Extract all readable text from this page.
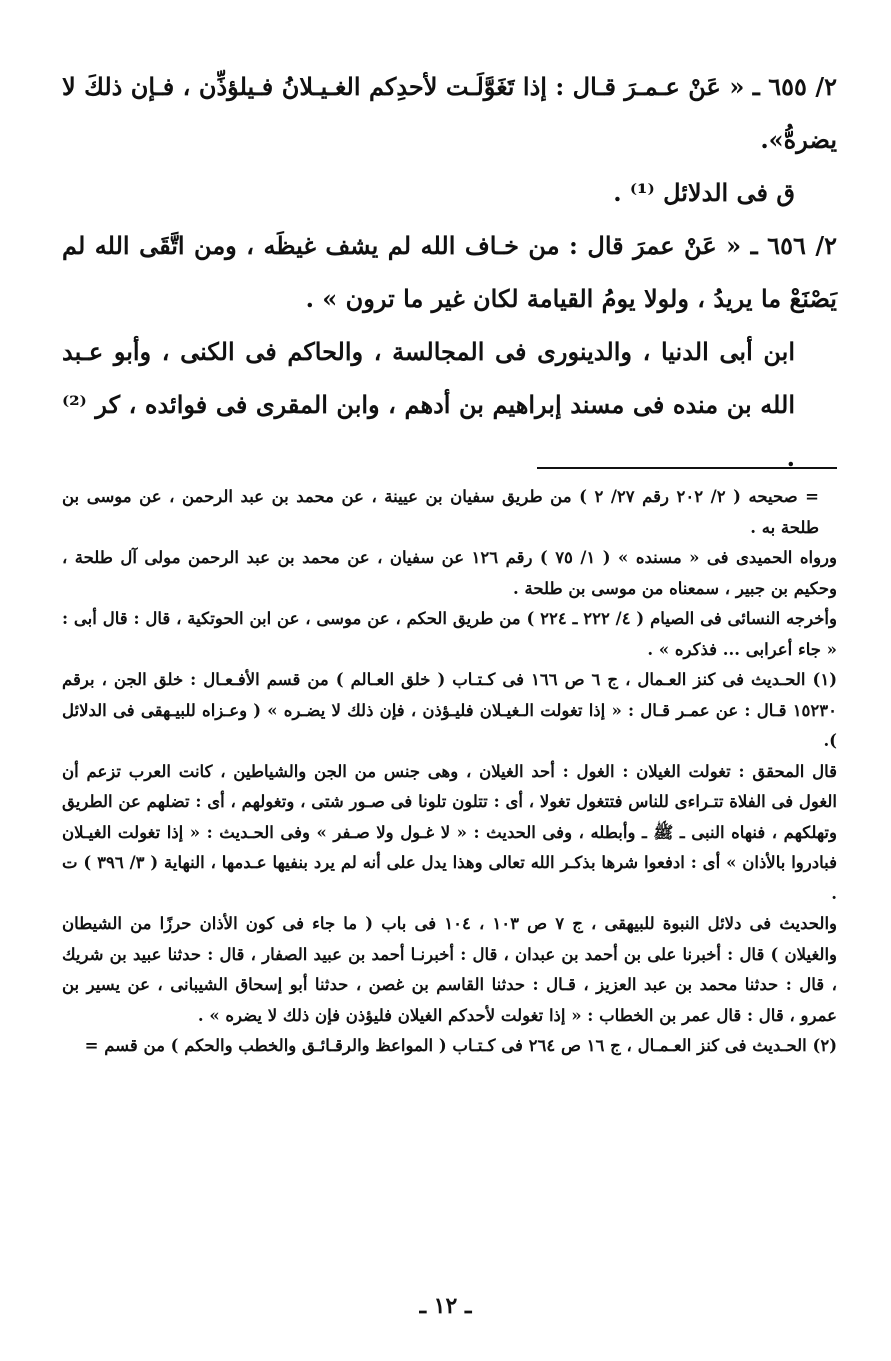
٢/ ٦٥٥ ـ « عَنْ عـمـرَ قـال : إذا تَغَوَّلَـت لأحدِكم الغـيـلانُ فـيلؤذِّن ، فـإن ذلكَ لا يضرهُّ».

ق فى الدلائل ⁽¹⁾ .

٢/ ٦٥٦ ـ « عَنْ عمرَ قال : من خـاف الله لم يشف غيظَه ، ومن اتَّقَى الله لم يَصْنَعْ ما يريدُ ، ولولا يومُ القيامة لكان غير ما ترون » .

ابن أبى الدنيا ، والدينورى فى المجالسة ، والحاكم فى الكنى ، وأبو عـبد الله بن منده فى مسند إبراهيم بن أدهم ، وابن المقرى فى فوائده ، كر ⁽²⁾ .

= صحيحه ( ٢/ ٢٠٢ رقم ٢٧/ ٢ ) من طريق سفيان بن عيينة ، عن محمد بن عبد الرحمن ، عن موسى بن طلحة به .

ورواه الحميدى فى « مسنده » ( ١/ ٧٥ ) رقم ١٢٦ عن سفيان ، عن محمد بن عبد الرحمن مولى آل طلحة ، وحكيم بن جبير ، سمعناه من موسى بن طلحة .

وأخرجه النسائى فى الصيام ( ٤/ ٢٢٢ ـ ٢٢٤ ) من طريق الحكم ، عن موسى ، عن ابن الحوتكية ، قال : قال أبى : « جاء أعرابى ... فذكره » .

(١) الحـديث فى كنز العـمال ، ج ٦ ص ١٦٦ فى كـتـاب ( خلق العـالم ) من قسم الأفـعـال : خلق الجن ، برقم ١٥٢٣٠ قـال : عن عمـر قـال : « إذا تغولت الـغيـلان فليـؤذن ، فإن ذلك لا يضـره » ( وعـزاه للبيـهقى فى الدلائل ).

قال المحقق : تغولت الغيلان : الغول : أحد الغيلان ، وهى جنس من الجن والشياطين ، كانت العرب تزعم أن الغول فى الفلاة تتـراءى للناس فتتغول تغولا ، أى : تتلون تلونا فى صـور شتى ، وتغولهم ، أى : تضلهم عن الطريق وتهلكهم ، فنهاه النبى ـ ﷺ ـ وأبطله ، وفى الحديث : « لا غـول ولا صـفر » وفى الحـديث : « إذا تغولت الغيـلان فبادروا بالأذان » أى : ادفعوا شرها بذكـر الله تعالى وهذا يدل على أنه لم يرد بنفيها عـدمها ، النهاية ( ٣/ ٣٩٦ ) ت .

والحديث فى دلائل النبوة للبيهقى ، ج ٧ ص ١٠٣ ، ١٠٤ فى باب ( ما جاء فى كون الأذان حرزًا من الشيطان والغيلان ) قال : أخبرنا على بن أحمد بن عبدان ، قال : أخبرنـا أحمد بن عبيد الصفار ، قال : حدثنا عبيد بن شريك ، قال : حدثنا محمد بن عبد العزيز ، قـال : حدثنا القاسم بن غصن ، حدثنا أبو إسحاق الشيبانى ، عن يسير بن عمرو ، قال : قال عمر بن الخطاب : « إذا تغولت لأحدكم الغيلان فليؤذن فإن ذلك لا يضره » .

(٢) الحـديث فى كنز العـمـال ، ج ١٦ ص ٢٦٤ فى كـتـاب ( المواعظ والرقـائـق والخطب والحكم ) من قسم =

ـ ١٢ ـ
